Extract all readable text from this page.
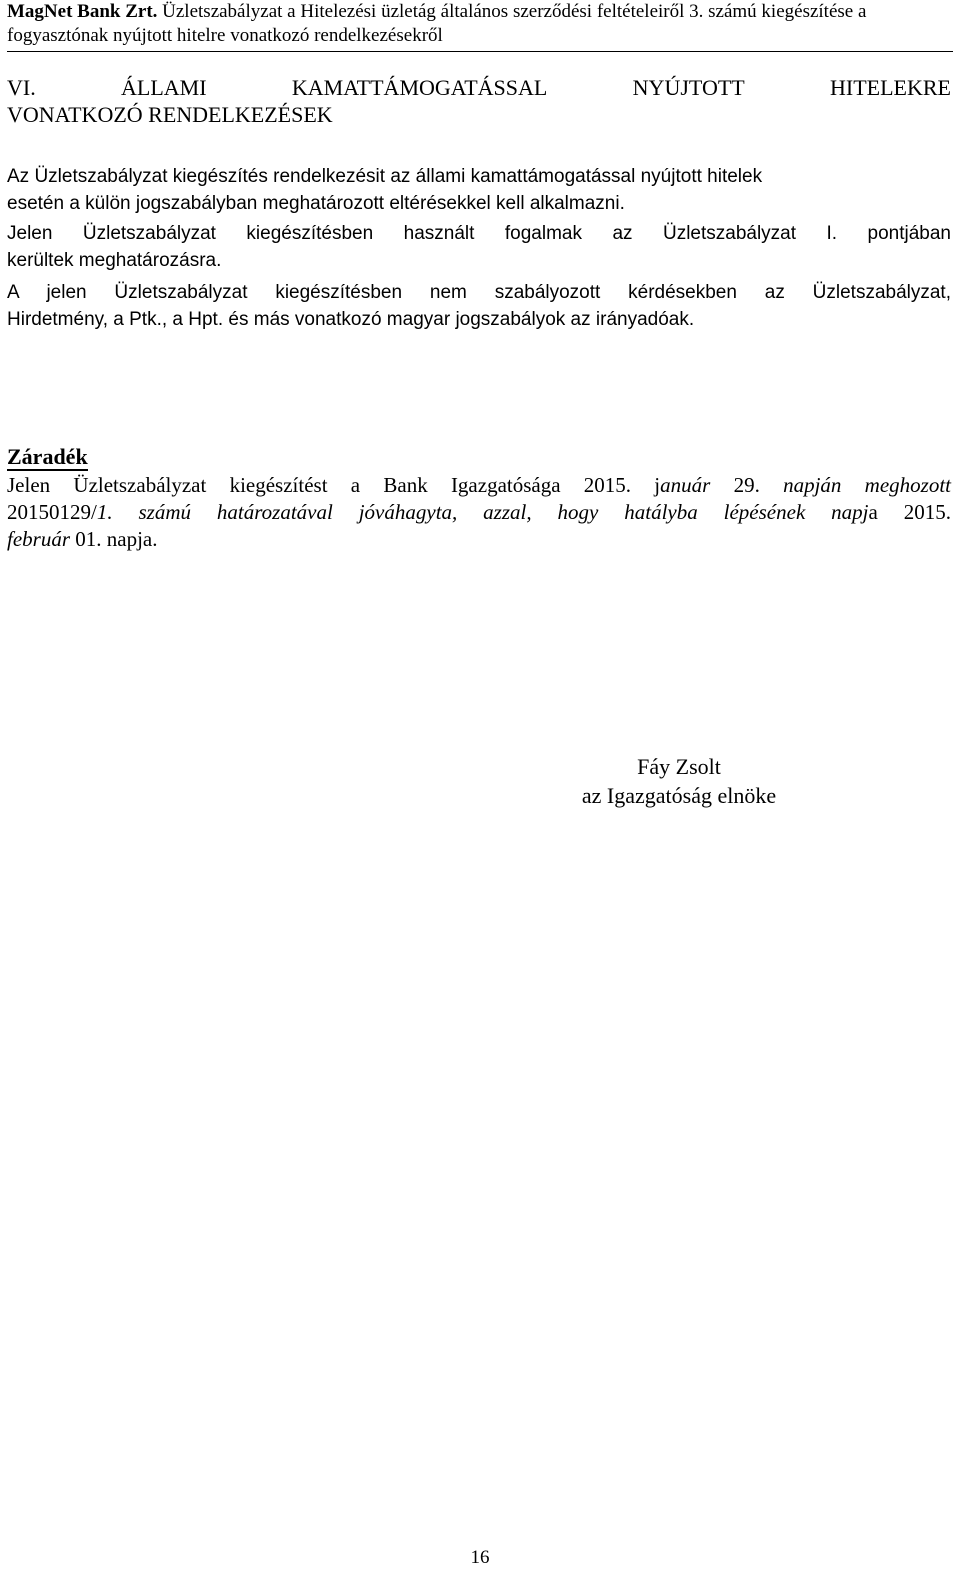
MagNet Bank Zrt. Üzletszabályzat a Hitelezési üzletág általános szerződési feltételeiről 3. számú kiegészítése a
fogyasztónak nyújtott hitelre vonatkozó rendelkezésekről
VI.	ÁLLAMI	KAMATTÁMOGATÁSSAL	NYÚJTOTT	HITELEKRE
VONATKOZÓ RENDELKEZÉSEK
Az Üzletszabályzat kiegészítés rendelkezésit az állami kamattámogatással nyújtott hitelek
esetén a külön jogszabályban meghatározott eltérésekkel kell alkalmazni.
Jelen Üzletszabályzat kiegészítésben használt fogalmak az Üzletszabályzat I. pontjában
kerültek meghatározásra.
A jelen Üzletszabályzat kiegészítésben nem szabályozott kérdésekben az Üzletszabályzat,
Hirdetmény, a Ptk., a Hpt. és más vonatkozó magyar jogszabályok az irányadóak.
Záradék
Jelen Üzletszabályzat kiegészítést a Bank Igazgatósága 2015. január 29. napján meghozott
20150129/1. számú határozatával jóváhagyta, azzal, hogy hatályba lépésének napja 2015.
február 01. napja.
Fáy Zsolt
az Igazgatóság elnöke
16
